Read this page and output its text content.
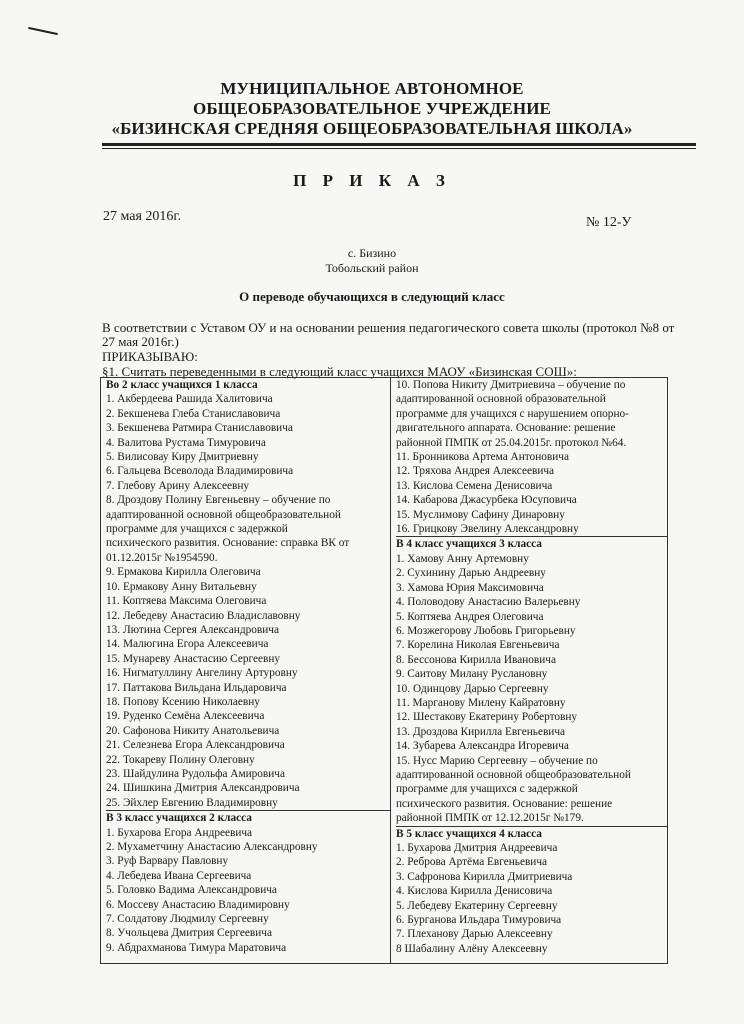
МУНИЦИПАЛЬНОЕ АВТОНОМНОЕ
ОБЩЕОБРАЗОВАТЕЛЬНОЕ УЧРЕЖДЕНИЕ
«БИЗИНСКАЯ СРЕДНЯЯ ОБЩЕОБРАЗОВАТЕЛЬНАЯ ШКОЛА»
П Р И К А З
27 мая 2016г.	№ 12-У
с. Бизино
Тобольский район
О переводе обучающихся в следующий класс
В соответствии с Уставом ОУ и на основании решения педагогического совета школы (протокол №8 от 27 мая 2016г.)
ПРИКАЗЫВАЮ:
§1. Считать переведенными в следующий класс учащихся МАОУ «Бизинская СОШ»:
Во 2 класс учащихся 1 класса
1. Акбердеева Рашида Халитовича
2. Бекшенева Глеба Станиславовича
3. Бекшенева Ратмира Станиславовича
4. Валитова Рустама Тимуровича
5. Вилисовау Киру Дмитриевну
6. Гальцева Всеволода Владимировича
7. Глебову Арину Алексеевну
8. Дроздову Полину Евгеньевну – обучение по
адаптированной основной общеобразовательной
программе для учащихся с задержкой
психического развития. Основание: справка ВК от
01.12.2015г №1954590.
9. Ермакова Кирилла Олеговича
10. Ермакову Анну Витальевну
11. Коптяева Максима Олеговича
12. Лебедеву Анастасию Владиславовну
13. Лютина Сергея Александровича
14. Малюгина Егора Алексеевича
15. Мунареву Анастасию Сергеевну
16. Нигматуллину Ангелину Артуровну
17. Паттакова Вильдана Ильдаровича
18. Попову Ксению Николаевну
19. Руденко Семёна Алексеевича
20. Сафонова Никиту Анатольевича
21. Селезнева Егора Александровича
22. Токареву Полину Олеговну
23. Шайдулина Рудольфа Амировича
24. Шишкина Дмитрия Александровича
25. Эйхлер Евгению Владимировну
В 3 класс учащихся 2 класса
1. Бухарова Егора Андреевича
2. Мухаметчину Анастасию Александровну
3. Руф Варвару Павловну
4. Лебедева Ивана Сергеевича
5. Головко Вадима Александровича
6. Моссеву Анастасию Владимировну
7. Солдатову Людмилу Сергеевну
8. Учольцева Дмитрия Сергеевича
9. Абдрахманова Тимура Маратовича
10. Попова Никиту Дмитриевича – обучение по
адаптированной основной образовательной
программе для учащихся с нарушением опорно-
двигательного аппарата. Основание: решение
районной ПМПК от 25.04.2015г. протокол №64.
11. Бронникова Артема Антоновича
12. Тряхова Андрея Алексеевича
13. Кислова Семена Денисовича
14. Кабарова Джасурбека Юсуповича
15. Муслимову Сафину Динаровну
16. Грицкову Эвелину Александровну
В 4 класс учащихся 3 класса
1. Хамову Анну Артемовну
2. Сухинину Дарью Андреевну
3. Хамова Юрия Максимовича
4. Половодову Анастасию Валерьевну
5. Коптяева Андрея Олеговича
6. Мозжегорову Любовь Григорьевну
7. Корелина Николая Евгеньевича
8. Бессонова Кирилла Ивановича
9. Саитову Милану Руслановну
10. Одинцову Дарью Сергеевну
11. Марганову Милену Кайратовну
12. Шестакову Екатерину Робертовну
13. Дроздова Кирилла Евгеньевича
14. Зубарева Александра Игоревича
15. Нусс Марию Сергеевну – обучение по
адаптированной основной общеобразовательной
программе для учащихся с задержкой
психического развития. Основание: решение
районной ПМПК от 12.12.2015г №179.
В 5 класс учащихся 4 класса
1. Бухарова Дмитрия Андреевича
2. Реброва Артёма Евгеньевича
3. Сафронова Кирилла Дмитриевича
4. Кислова Кирилла Денисовича
5. Лебедеву Екатерину Сергеевну
6. Бурганова Ильдара Тимуровича
7. Плеханову Дарью Алексеевну
8 Шабалину Алёну Алексеевну
